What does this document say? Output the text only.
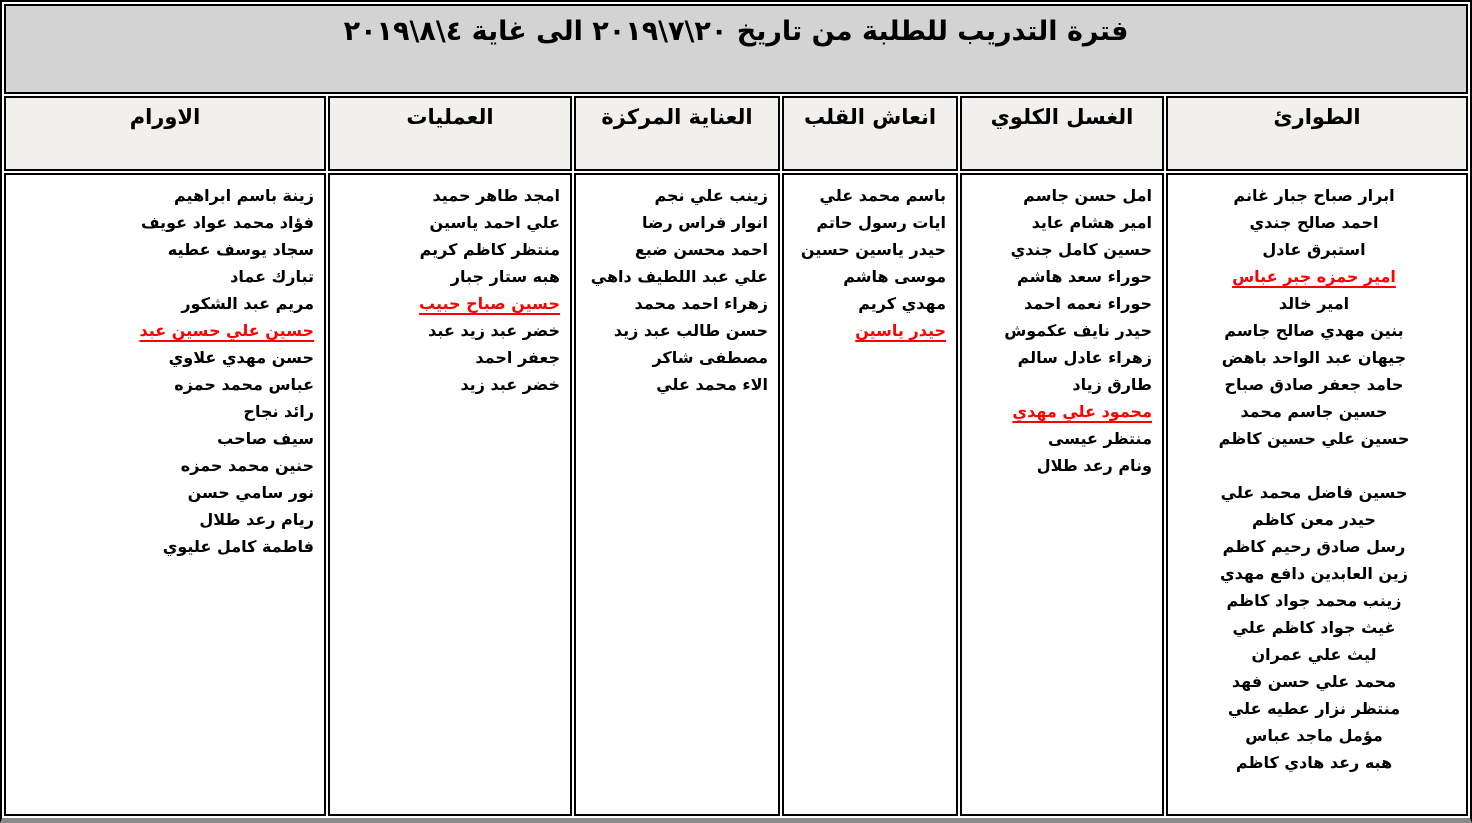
فترة التدريب للطلبة من تاريخ ٢٠\٧\٢٠١٩ الى غاية ٤\٨\٢٠١٩
الطوارئ
الغسل الكلوي
انعاش القلب
العناية المركزة
العمليات
الاورام
ابرار صباح جبار غانم
احمد صالح جندي
استبرق عادل
امير حمزه جبر عباس
امير خالد
بنين مهدي صالح جاسم
جيهان عبد الواحد باهض
حامد جعفر صادق صباح
حسين جاسم محمد
حسين علي حسين كاظم

حسين فاضل محمد علي
حيدر معن كاظم
رسل صادق رحيم كاظم
زين العابدين دافع مهدي
زينب محمد جواد كاظم
غيث جواد كاظم علي
ليث علي عمران
محمد علي حسن فهد
منتظر نزار عطيه علي
مؤمل ماجد عباس
هبه رعد هادي كاظم
امل حسن جاسم
امير هشام عايد
حسين كامل جندي
حوراء سعد هاشم
حوراء نعمه احمد
حيدر نايف عكموش
زهراء عادل سالم
طارق زياد
محمود علي مهدي
منتظر عيسى
ونام رعد طلال
باسم محمد علي
ايات رسول حاتم
حيدر ياسين حسين
موسى هاشم
مهدي كريم
حيدر ياسين
زينب علي نجم
انوار فراس رضا
احمد محسن ضبع
علي عبد اللطيف داهي
زهراء احمد محمد
حسن طالب عبد زيد
مصطفى شاكر
الاء محمد علي
امجد طاهر حميد
علي احمد ياسين
منتظر كاظم كريم
هبه ستار جبار
حسين صباح حبيب
خضر عبد زيد عبد
جعفر احمد
خضر عبد زيد
زينة باسم ابراهيم
فؤاد محمد عواد عويف
سجاد يوسف عطيه
تبارك عماد
مريم عبد الشكور
حسين علي حسين عبد
حسن مهدي علاوي
عباس محمد حمزه
رائد نجاح
سيف صاحب
حنين محمد حمزه
نور سامي حسن
ريام رعد طلال
فاطمة كامل عليوي
